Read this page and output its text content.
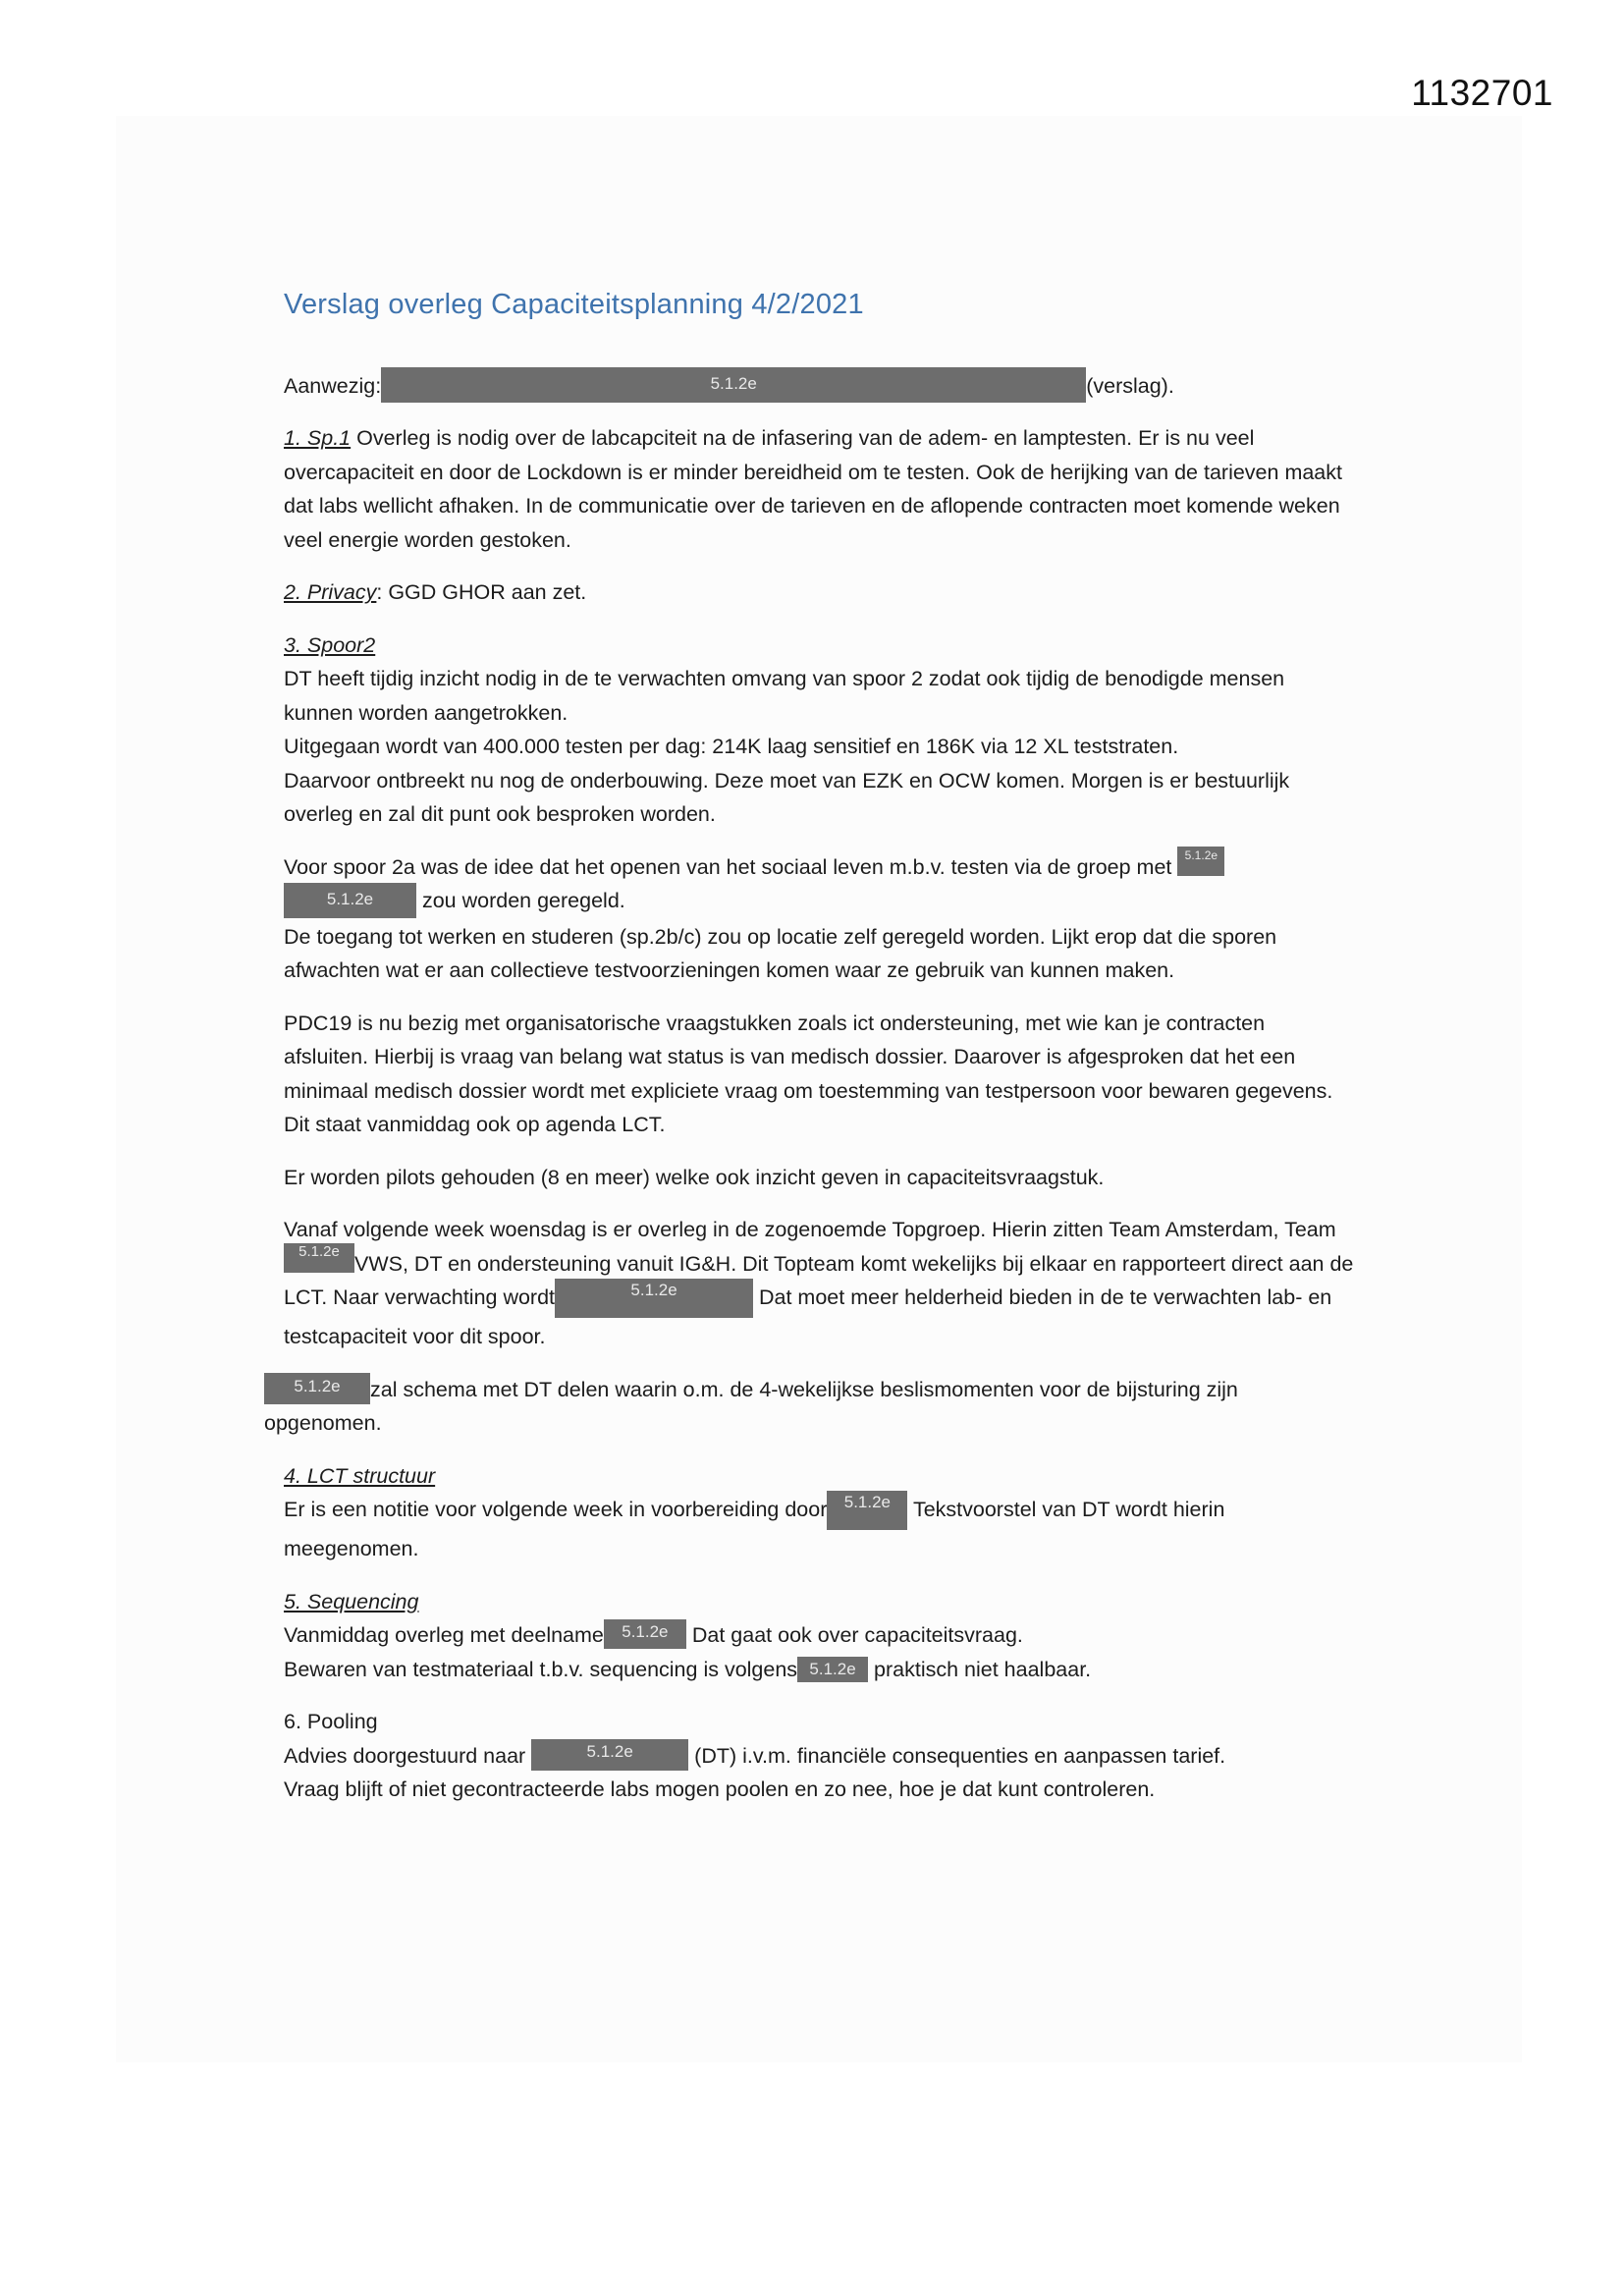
1132701
Verslag overleg Capaciteitsplanning 4/2/2021

Aanwezig:	5.1.2e	(verslag).

1. Sp.1 Overleg is nodig over de labcapciteit na de infasering van de adem- en lamptesten. Er is nu veel overcapaciteit en door de Lockdown is er minder bereidheid om te testen. Ook de herijking van de tarieven maakt dat labs wellicht afhaken. In de communicatie over de tarieven en de aflopende contracten moet komende weken veel energie worden gestoken.

2. Privacy: GGD GHOR aan zet.

3. Spoor2
DT heeft tijdig inzicht nodig in de te verwachten omvang van spoor 2 zodat ook tijdig de benodigde mensen kunnen worden aangetrokken.
Uitgegaan wordt van 400.000 testen per dag: 214K laag sensitief en 186K via 12 XL teststraten.
Daarvoor ontbreekt nu nog de onderbouwing. Deze moet van EZK en OCW komen. Morgen is er bestuurlijk overleg en zal dit punt ook besproken worden.
Voor spoor 2a was de idee dat het openen van het sociaal leven m.b.v. testen via de groep met 5.1.2e
5.1.2e zou worden geregeld.
De toegang tot werken en studeren (sp.2b/c) zou op locatie zelf geregeld worden. Lijkt erop dat die sporen afwachten wat er aan collectieve testvoorzieningen komen waar ze gebruik van kunnen maken.

PDC19 is nu bezig met organisatorische vraagstukken zoals ict ondersteuning, met wie kan je contracten afsluiten. Hierbij is vraag van belang wat status is van medisch dossier. Daarover is afgesproken dat het een minimaal medisch dossier wordt met expliciete vraag om toestemming van testpersoon voor bewaren gegevens. Dit staat vanmiddag ook op agenda LCT.

Er worden pilots gehouden (8 en meer) welke ook inzicht geven in capaciteitsvraagstuk.

Vanaf volgende week woensdag is er overleg in de zogenoemde Topgroep. Hierin zitten Team Amsterdam, Team5.1.2eVWS, DT en ondersteuning vanuit IG&H. Dit Topteam komt wekelijks bij elkaar en rapporteert direct aan de LCT. Naar verwachting wordt	5.1.2e	Dat moet meer helderheid bieden in de te verwachten lab- en testcapaciteit voor dit spoor.

5.1.2e zal schema met DT delen waarin o.m. de 4-wekelijkse beslismomenten voor de bijsturing zijn opgenomen.

4. LCT structuur
Er is een notitie voor volgende week in voorbereiding door 5.1.2e Tekstvoorstel van DT wordt hierin meegenomen.
5. Sequencing
Vanmiddag overleg met deelname 5.1.2e Dat gaat ook over capaciteitsvraag.
Bewaren van testmateriaal t.b.v. sequencing is volgens 5.1.2e praktisch niet haalbaar.
6. Pooling
Advies doorgestuurd naar	5.1.2e	(DT) i.v.m. financiële consequenties en aanpassen tarief.
Vraag blijft of niet gecontracteerde labs mogen poolen en zo nee, hoe je dat kunt controleren.
